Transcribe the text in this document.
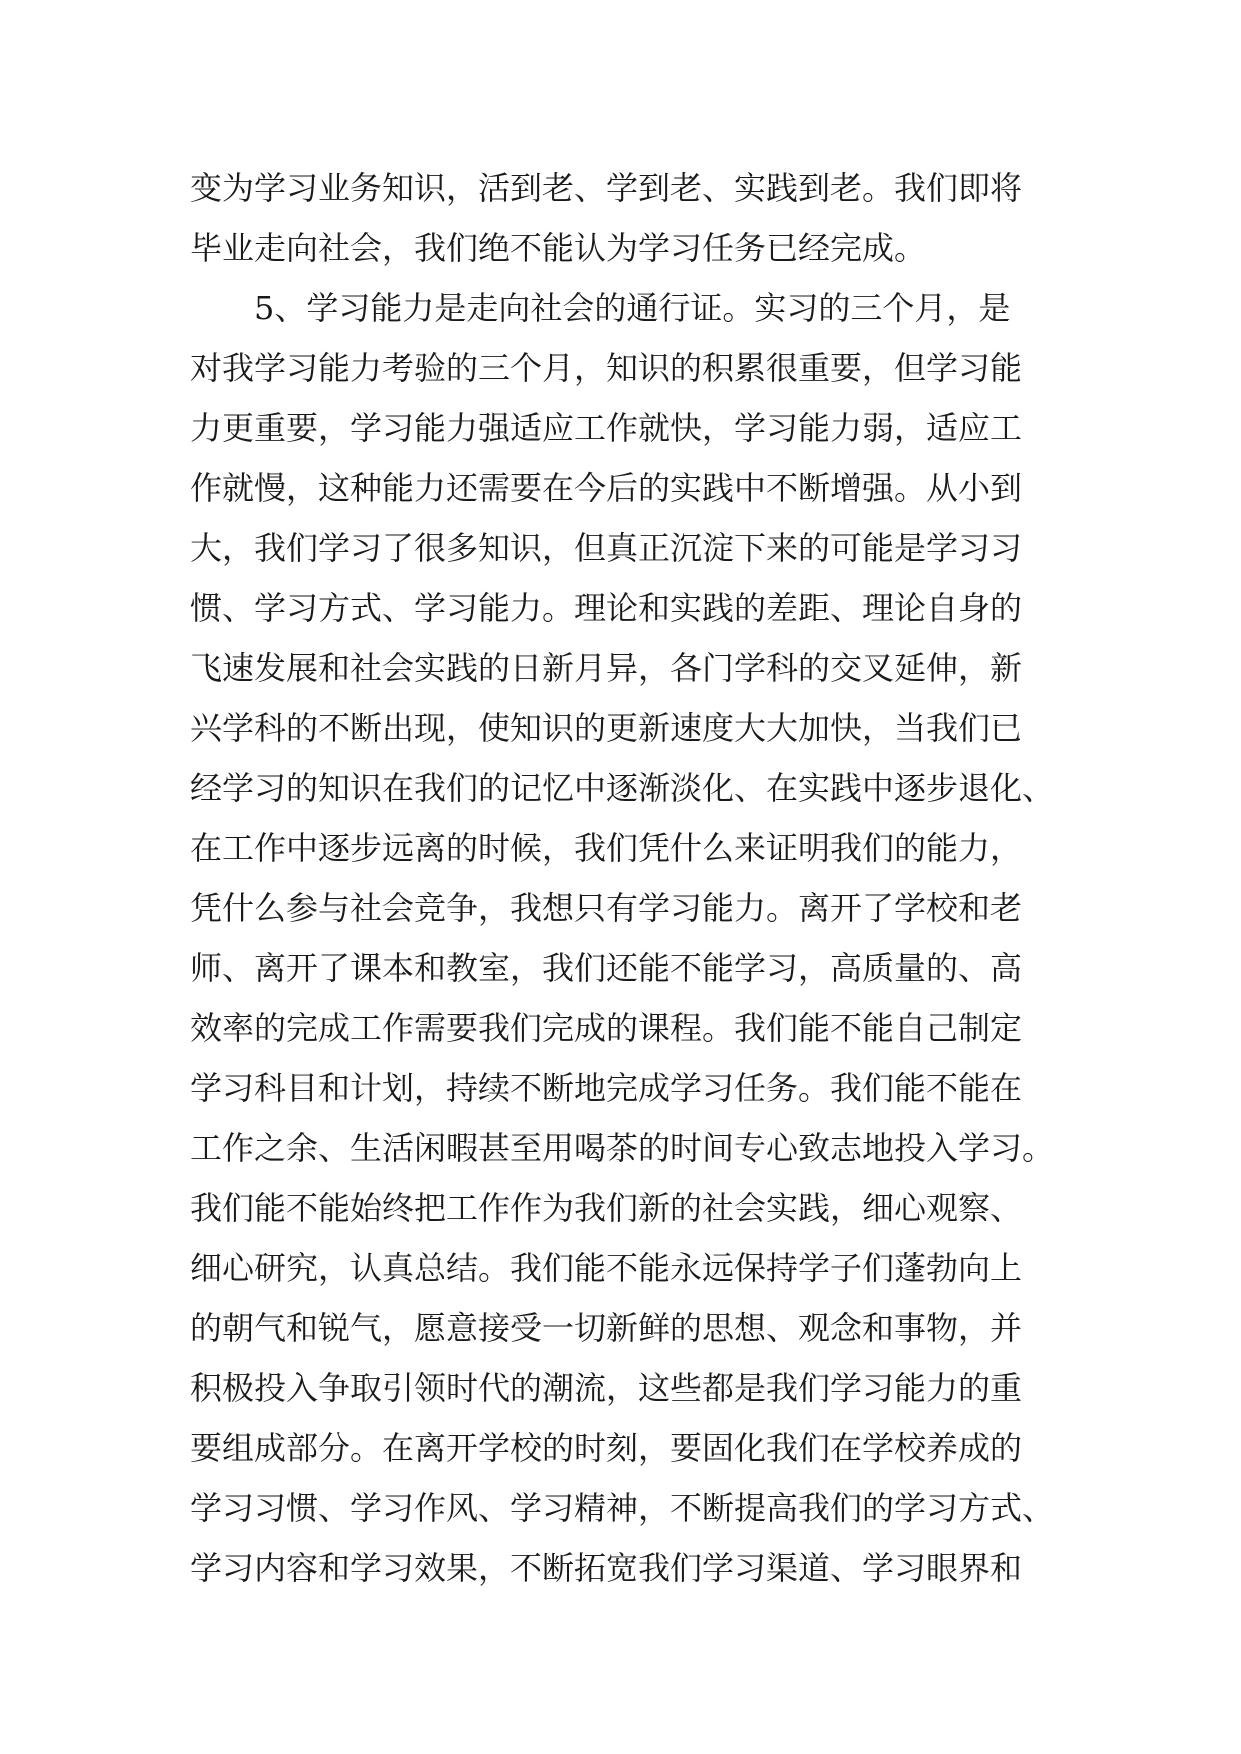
变为学习业务知识，活到老、学到老、实践到老。我们即将
毕业走向社会，我们绝不能认为学习任务已经完成。
5、学习能力是走向社会的通行证。实习的三个月，是
对我学习能力考验的三个月，知识的积累很重要，但学习能
力更重要，学习能力强适应工作就快，学习能力弱，适应工
作就慢，这种能力还需要在今后的实践中不断增强。从小到
大，我们学习了很多知识，但真正沉淀下来的可能是学习习
惯、学习方式、学习能力。理论和实践的差距、理论自身的
飞速发展和社会实践的日新月异，各门学科的交叉延伸，新
兴学科的不断出现，使知识的更新速度大大加快，当我们已
经学习的知识在我们的记忆中逐渐淡化、在实践中逐步退化、
在工作中逐步远离的时候，我们凭什么来证明我们的能力，
凭什么参与社会竞争，我想只有学习能力。离开了学校和老
师、离开了课本和教室，我们还能不能学习，高质量的、高
效率的完成工作需要我们完成的课程。我们能不能自己制定
学习科目和计划，持续不断地完成学习任务。我们能不能在
工作之余、生活闲暇甚至用喝茶的时间专心致志地投入学习。
我们能不能始终把工作作为我们新的社会实践，细心观察、
细心研究，认真总结。我们能不能永远保持学子们蓬勃向上
的朝气和锐气，愿意接受一切新鲜的思想、观念和事物，并
积极投入争取引领时代的潮流，这些都是我们学习能力的重
要组成部分。在离开学校的时刻，要固化我们在学校养成的
学习习惯、学习作风、学习精神，不断提高我们的学习方式、
学习内容和学习效果，不断拓宽我们学习渠道、学习眼界和
